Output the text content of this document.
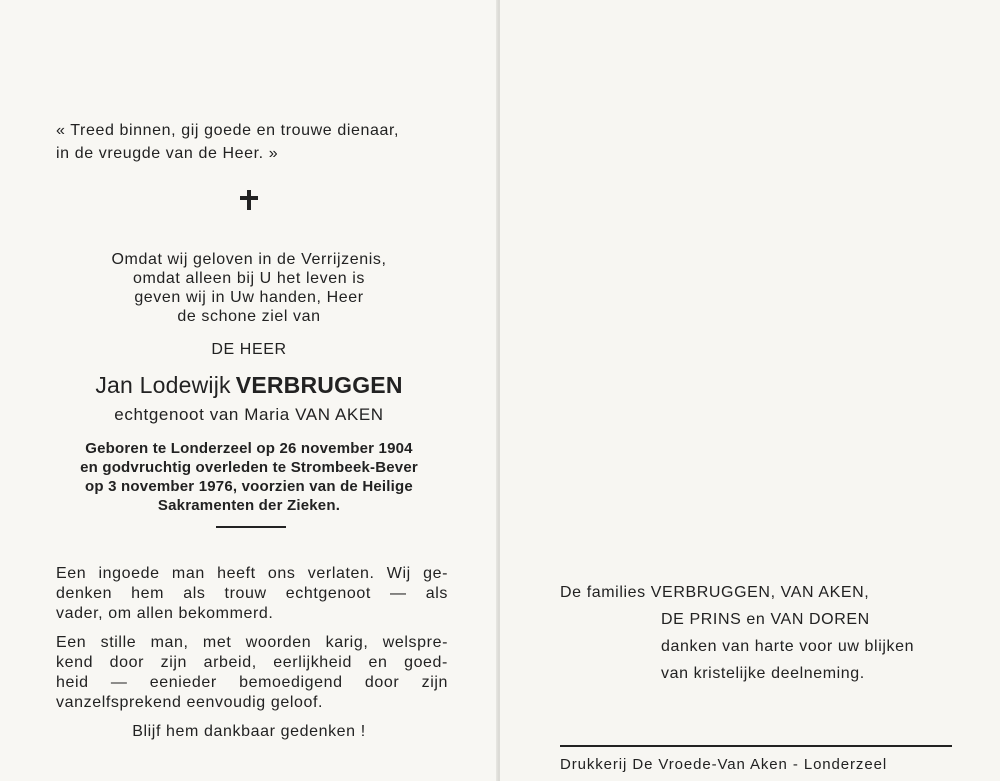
« Treed binnen, gij goede en trouwe dienaar,
in de vreugde van de Heer. »
Omdat wij geloven in de Verrijzenis,
omdat alleen bij U het leven is
geven wij in Uw handen, Heer
de schone ziel van
DE HEER
Jan Lodewijk VERBRUGGEN
echtgenoot van Maria VAN AKEN
Geboren te Londerzeel op 26 november 1904
en godvruchtig overleden te Strombeek-Bever
op 3 november 1976, voorzien van de Heilige
Sakramenten der Zieken.
Een ingoede man heeft ons verlaten. Wij ge-
denken hem als trouw echtgenoot — als
vader, om allen bekommerd.
Een stille man, met woorden karig, welspre-
kend door zijn arbeid, eerlijkheid en goed-
heid — eenieder bemoedigend door zijn
vanzelfsprekend eenvoudig geloof.
Blijf hem dankbaar gedenken !
De families VERBRUGGEN, VAN AKEN,
DE PRINS en VAN DOREN
danken van harte voor uw blijken
van kristelijke deelneming.
Drukkerij De Vroede-Van Aken - Londerzeel
